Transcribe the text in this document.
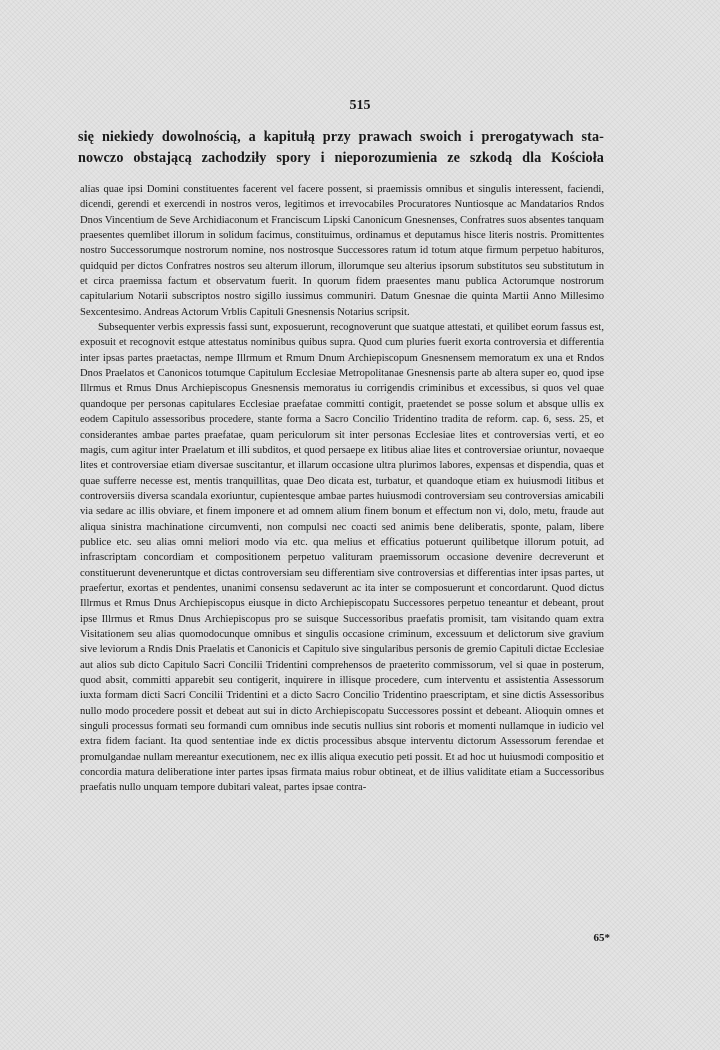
515
się niekiedy dowolnością, a kapitułą przy prawach swoich i prerogatywach sta-
nowczo obstającą zachodziły spory i nieporozumienia ze szkodą dla Kościoła

alias quae ipsi Domini constituentes facerent vel facere possent, si praemissis omnibus et singulis interessent, faciendi, dicendi, gerendi et exercendi in nostros veros, legitimos et irrevocabiles Procuratores Nuntiosque ac Mandatarios Rndos Dnos Vincentium de Seve Archidiaconum et Franciscum Lipski Canonicum Gnesnenses, Confratres suos absentes tanquam praesentes quemlibet illorum in solidum facimus, constituimus, ordinamus et deputamus hisce literis nostris. Promittentes nostro Successorumque nostrorum nomine, nos nostrosque Successores ratum id totum atque firmum perpetuo habituros, quidquid per dictos Confratres nostros seu alterum illorum, illorumque seu alterius ipsorum substitutos seu substitutum in et circa praemissa factum et observatum fuerit. In quorum fidem praesentes manu publica Actorumque nostrorum capitularium Notarii subscriptos nostro sigillo iussimus communiri. Datum Gnesnae die quinta Martii Anno Millesimo Sexcentesimo. Andreas Actorum Vrblis Capituli Gnesnensis Notarius scripsit.

Subsequenter verbis expressis fassi sunt, exposuerunt, recognoverunt que suatque attestati, et quilibet eorum fassus est, exposuit et recognovit estque attestatus nominibus quibus supra. Quod cum pluries fuerit exorta controversia et differentia inter ipsas partes praetactas, nempe Illrmum et Rmum Dnum Archiepiscopum Gnesnensem memoratum ex una et Rndos Dnos Praelatos et Canonicos totumque Capitulum Ecclesiae Metropolitanae Gnesnensis parte ab altera super eo, quod ipse Illrmus et Rmus Dnus Archiepiscopus Gnesnensis memoratus iu corrigendis criminibus et excessibus, si quos vel quae quandoque per personas capitulares Ecclesiae praefatae committi contigit, praetendet se posse solum et absque ullis ex eodem Capitulo assessoribus procedere, stante forma a Sacro Concilio Tridentino tradita de reform. cap. 6, sess. 25, et considerantes ambae partes praefatae, quam periculorum sit inter personas Ecclesiae lites et controversias verti, et eo magis, cum agitur inter Praelatum et illi subditos, et quod persaepe ex litibus aliae lites et controversiae oriuntur, novaeque lites et controversiae etiam diversae suscitantur, et illarum occasione ultra plurimos labores, expensas et dispendia, quas et quae sufferre necesse est, mentis tranquillitas, quae Deo dicata est, turbatur, et quandoque etiam ex huiusmodi litibus et controversiis diversa scandala exoriuntur, cupientesque ambae partes huiusmodi controversiam seu controversias amicabili via sedare ac illis obviare, et finem imponere et ad omnem alium finem bonum et effectum non vi, dolo, metu, fraude aut aliqua sinistra machinatione circumventi, non compulsi nec coacti sed animis bene deliberatis, sponte, palam, libere publice etc. seu alias omni meliori modo via etc. qua melius et efficatius potuerunt quilibetque illorum potuit, ad infrascriptam concordiam et compositionem perpetuo valituram praemissorum occasione devenire decreverunt et constituerunt deveneruntque et dictas controversiam seu differentiam sive controversias et differentias inter ipsas partes, ut praefertur, exortas et pendentes, unanimi consensu sedaverunt ac ita inter se composuerunt et concordarunt. Quod dictus Illrmus et Rmus Dnus Archiepiscopus eiusque in dicto Archiepiscopatu Successores perpetuo teneantur et debeant, prout ipse Illrmus et Rmus Dnus Archiepiscopus pro se suisque Successoribus praefatis promisit, tam visitando quam extra Visitationem seu alias quomodocunque omnibus et singulis occasione criminum, excessuum et delictorum sive gravium sive leviorum a Rndis Dnis Praelatis et Canonicis et Capitulo sive singularibus personis de gremio Capituli dictae Ecclesiae aut alios sub dicto Capitulo Sacri Concilii Tridentini comprehensos de praeterito commissorum, vel si quae in posterum, quod absit, committi apparebit seu contigerit, inquirere in illisque procedere, cum interventu et assistentia Assessorum iuxta formam dicti Sacri Concilii Tridentini et a dicto Sacro Concilio Tridentino praescriptam, et sine dictis Assessoribus nullo modo procedere possit et debeat aut sui in dicto Archiepiscopatu Successores possint et debeant. Alioquin omnes et singuli processus formati seu formandi cum omnibus inde secutis nullius sint roboris et momenti nullamque in iudicio vel extra fidem faciant. Ita quod sententiae inde ex dictis processibus absque interventu dictorum Assessorum ferendae et promulgandae nullam mereantur executionem, nec ex illis aliqua executio peti possit. Et ad hoc ut huiusmodi compositio et concordia matura deliberatione inter partes ipsas firmata maius robur obtineat, et de illius validitate etiam a Successoribus praefatis nullo unquam tempore dubitari valeat, partes ipsae contra-

65*
